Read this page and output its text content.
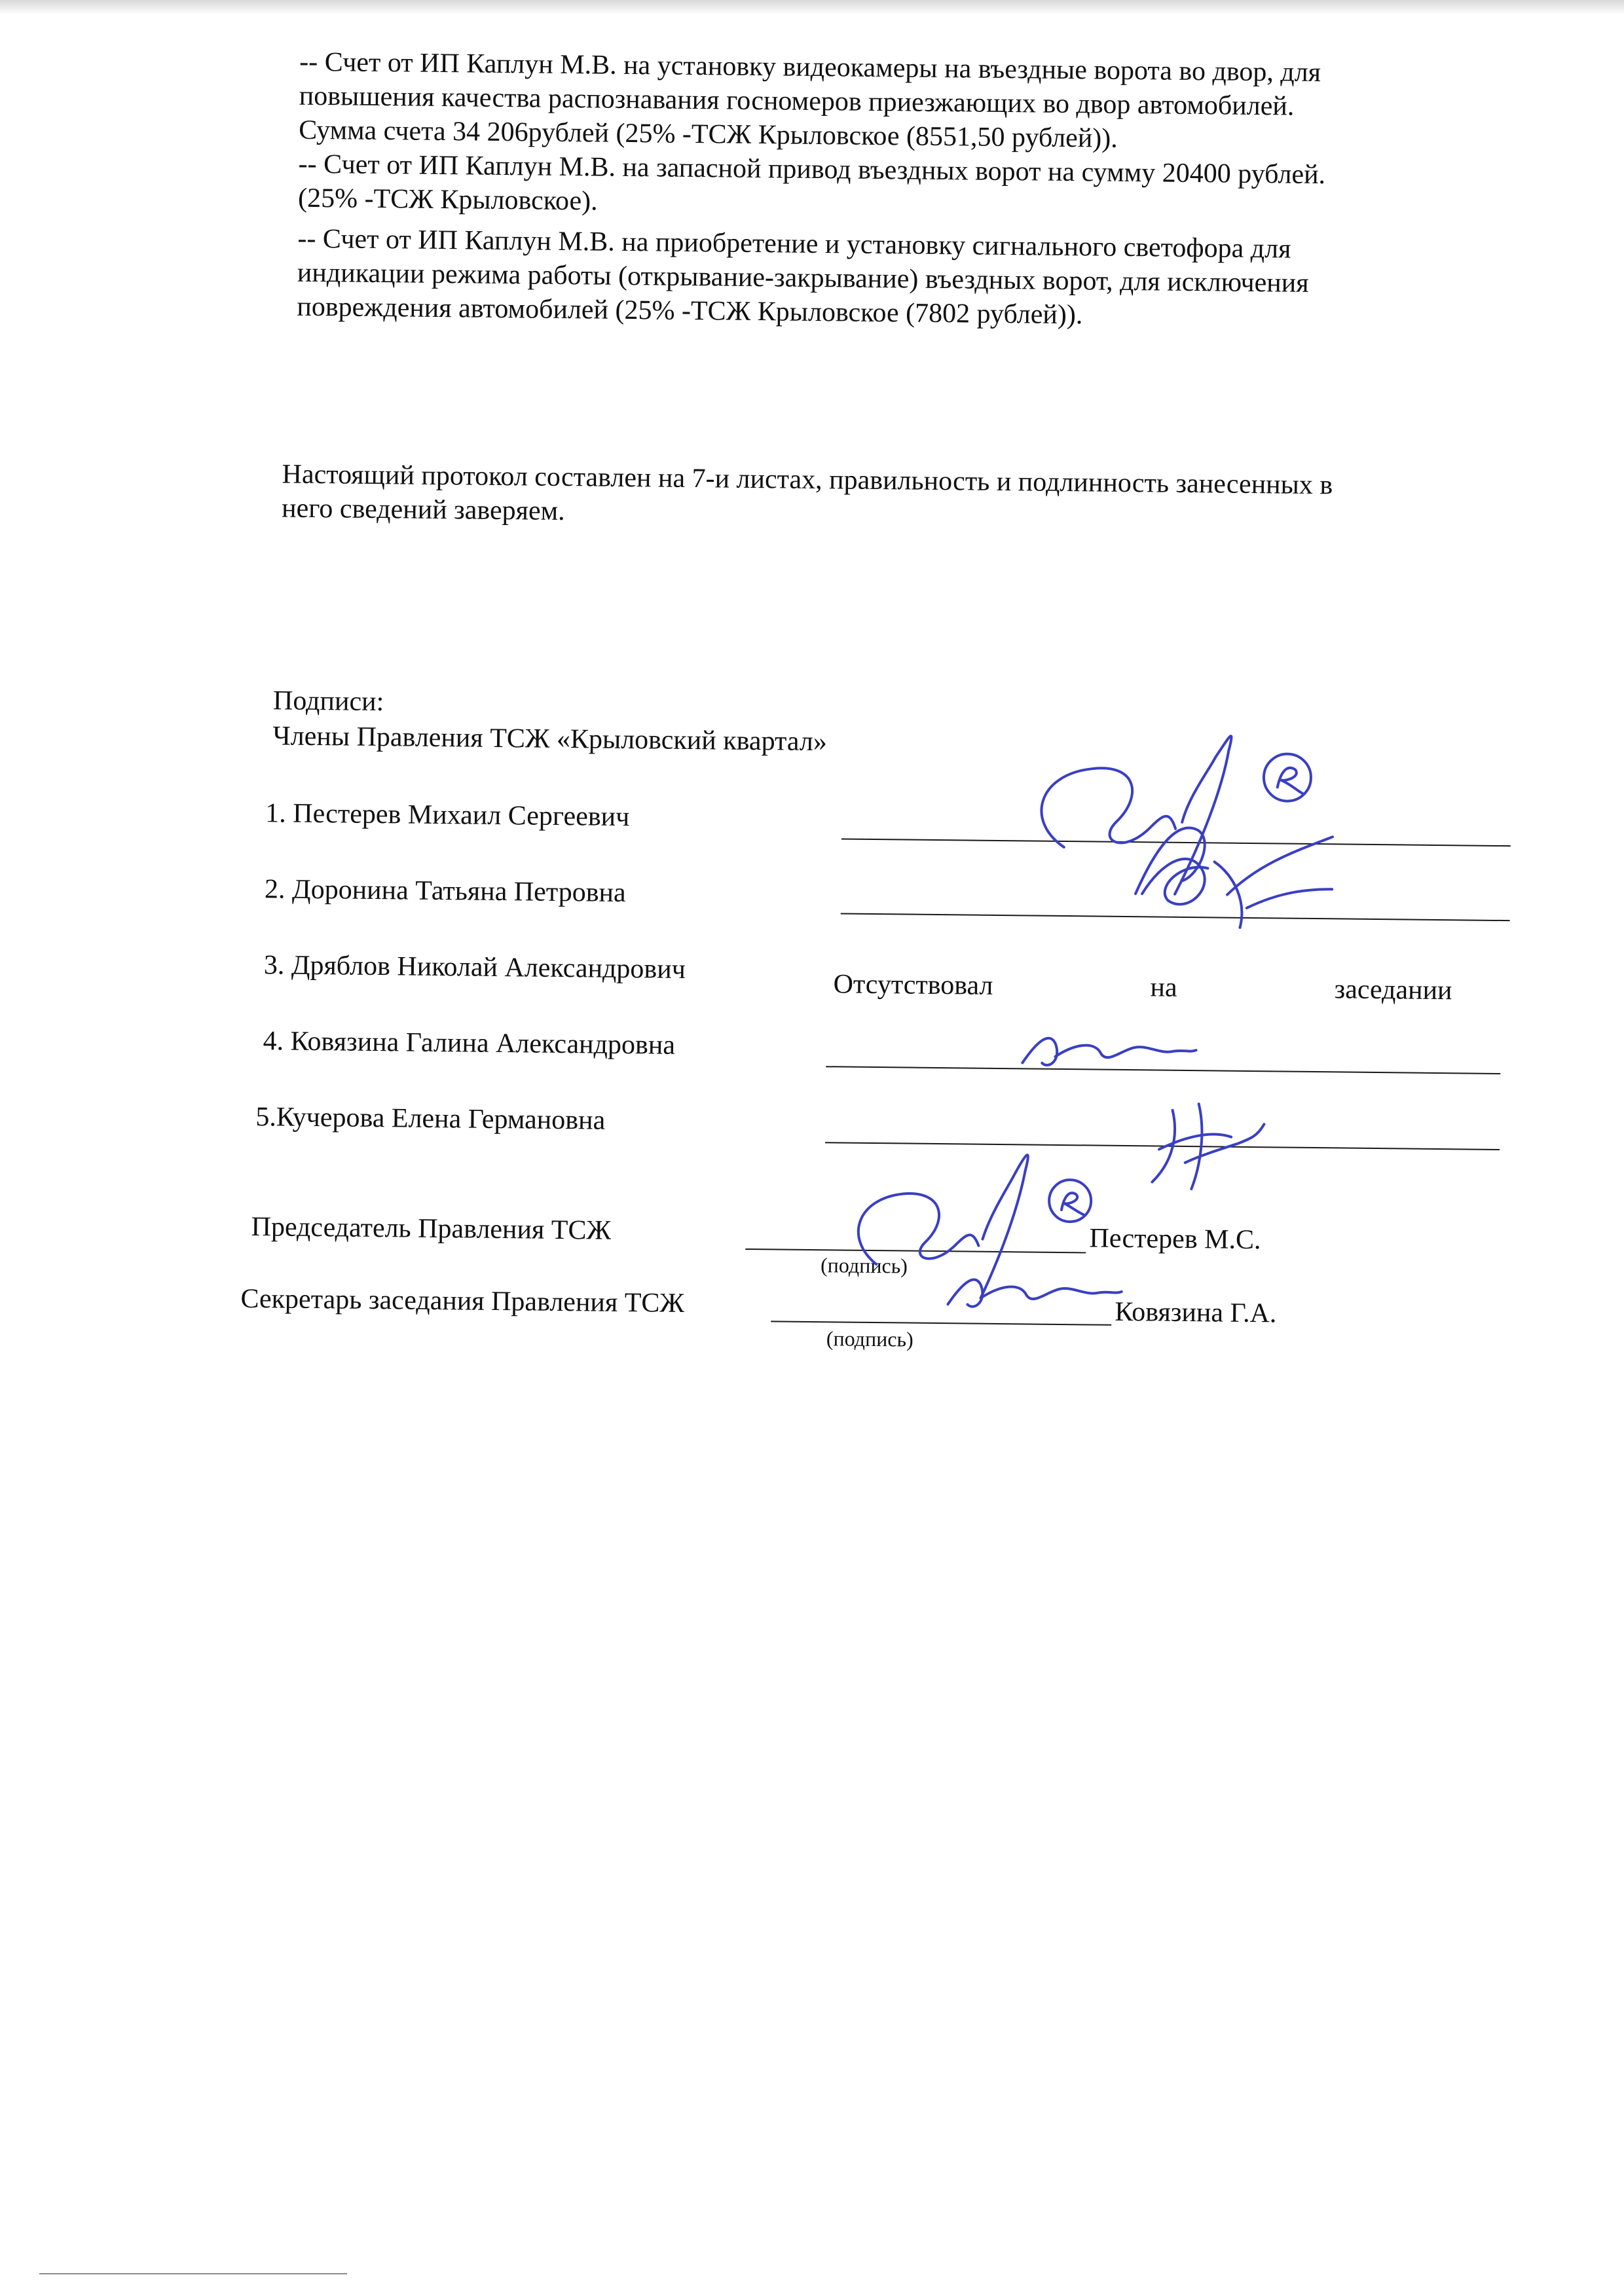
-- Счет от ИП Каплун М.В. на установку видеокамеры на въездные ворота во двор, для

повышения качества распознавания госномеров приезжающих во двор автомобилей.

Сумма счета 34 206рублей (25% -ТСЖ Крыловское (8551,50 рублей)).

-- Счет от ИП Каплун М.В. на запасной привод въездных ворот на сумму 20400 рублей.

(25% -ТСЖ Крыловское).

-- Счет от ИП Каплун М.В. на приобретение и установку сигнального светофора для

индикации режима работы (открывание-закрывание) въездных ворот, для исключения

повреждения автомобилей (25% -ТСЖ Крыловское (7802 рублей)).

Настоящий протокол составлен на 7-и листах, правильность и подлинность занесенных в

него сведений заверяем.

Подписи:

Члены Правления ТСЖ «Крыловский квартал»

1. Пестерев Михаил Сергеевич

2. Доронина Татьяна Петровна

3. Дряблов Николай Александрович

Отсутствовал	на	заседании

4. Ковязина Галина Александровна

5.Кучерова Елена Германовна

Председатель Правления ТСЖ	Пестерев М.С.

(подпись)

Секретарь заседания Правления ТСЖ	Ковязина Г.А.

(подпись)
